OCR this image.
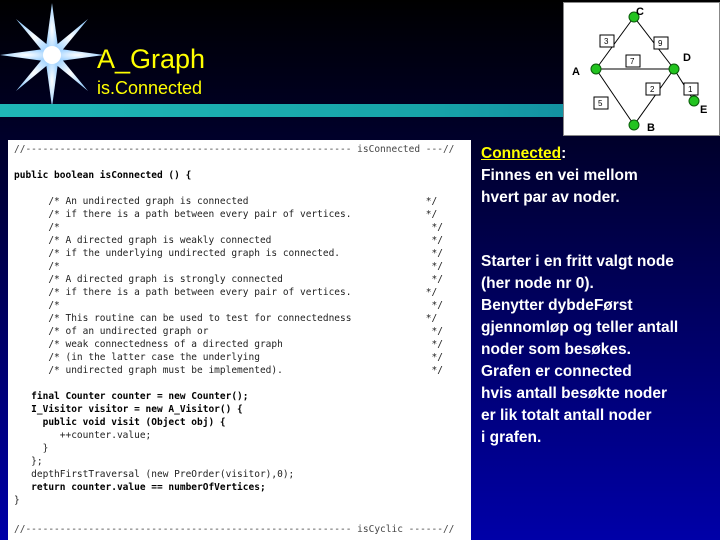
A_Graph
is.Connected
3	9
7
2	1
5
C
A
D
B
E
//--------------------------------------------------------- isConnected ---//
public boolean isConnected () {
/* An undirected graph is connected                               */
/* if there is a path between every pair of vertices.             */
/*                                                                 */
/* A directed graph is weakly connected                            */
/* if the underlying undirected graph is connected.                */
/*                                                                 */
/* A directed graph is strongly connected                          */
/* if there is a path between every pair of vertices.             */
/*                                                                 */
/* This routine can be used to test for connectedness             */
/* of an undirected graph or                                       */
/* weak connectedness of a directed graph                          */
/* (in the latter case the underlying                              */
/* undirected graph must be implemented).                          */
final Counter counter = new Counter();
I_Visitor visitor = new A_Visitor() {
public void visit (Object obj) {
++counter.value;
}
};
depthFirstTraversal (new PreOrder(visitor),0);
return counter.value == numberOfVertices;
}
//--------------------------------------------------------- isCyclic ------//
Connected:
Finnes en vei mellom
hvert par av noder.
Starter i en fritt valgt node
(her node nr 0).
Benytter dybdeFørst
gjennomløp og teller antall
noder som besøkes.
Grafen er connected
hvis antall besøkte noder
er lik totalt antall noder
i grafen.
